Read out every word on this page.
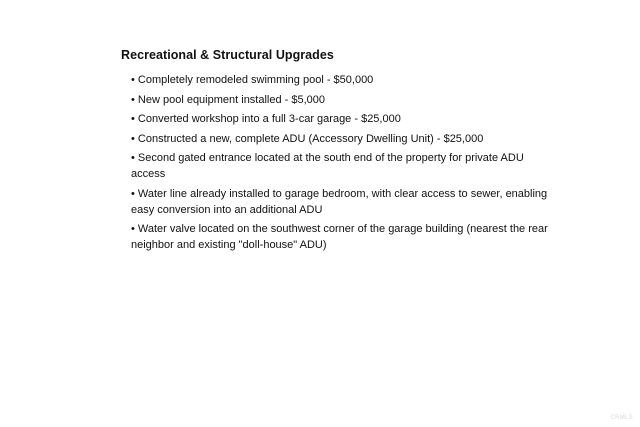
Recreational & Structural Upgrades
• Completely remodeled swimming pool - $50,000
• New pool equipment installed - $5,000
• Converted workshop into a full 3-car garage - $25,000
• Constructed a new, complete ADU (Accessory Dwelling Unit) - $25,000
• Second gated entrance located at the south end of the property for private ADU access
• Water line already installed to garage bedroom, with clear access to sewer, enabling easy conversion into an additional ADU
• Water valve located on the southwest corner of the garage building (nearest the rear neighbor and existing "doll-house" ADU)
CRMLS
